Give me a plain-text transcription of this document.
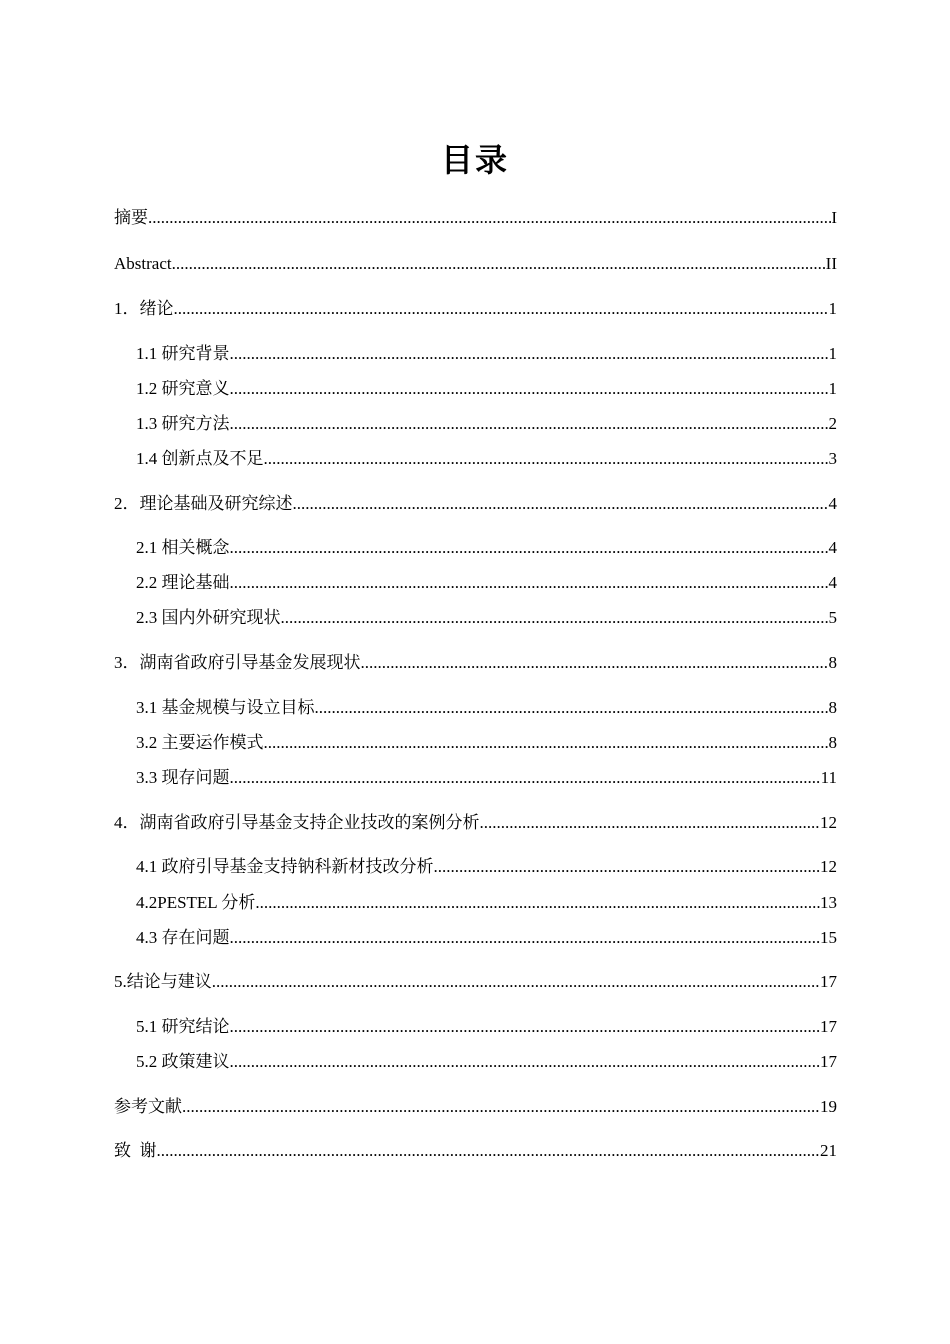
目录
摘要 .....	I
Abstract .....	II
1．绪论 .....	1
1.1 研究背景 .....	1
1.2 研究意义 .....	1
1.3 研究方法 .....	2
1.4 创新点及不足 .....	3
2．理论基础及研究综述 .....	4
2.1 相关概念 .....	4
2.2 理论基础 .....	4
2.3 国内外研究现状 .....	5
3．湖南省政府引导基金发展现状 .....	8
3.1 基金规模与设立目标 .....	8
3.2 主要运作模式 .....	8
3.3 现存问题 .....	11
4．湖南省政府引导基金支持企业技改的案例分析 .....	12
4.1 政府引导基金支持钠科新材技改分析 .....	12
4.2PESTEL 分析 .....	13
4.3 存在问题 .....	15
5.结论与建议 .....	17
5.1 研究结论 .....	17
5.2 政策建议 .....	17
参考文献 .....	19
致  谢 .....	21
